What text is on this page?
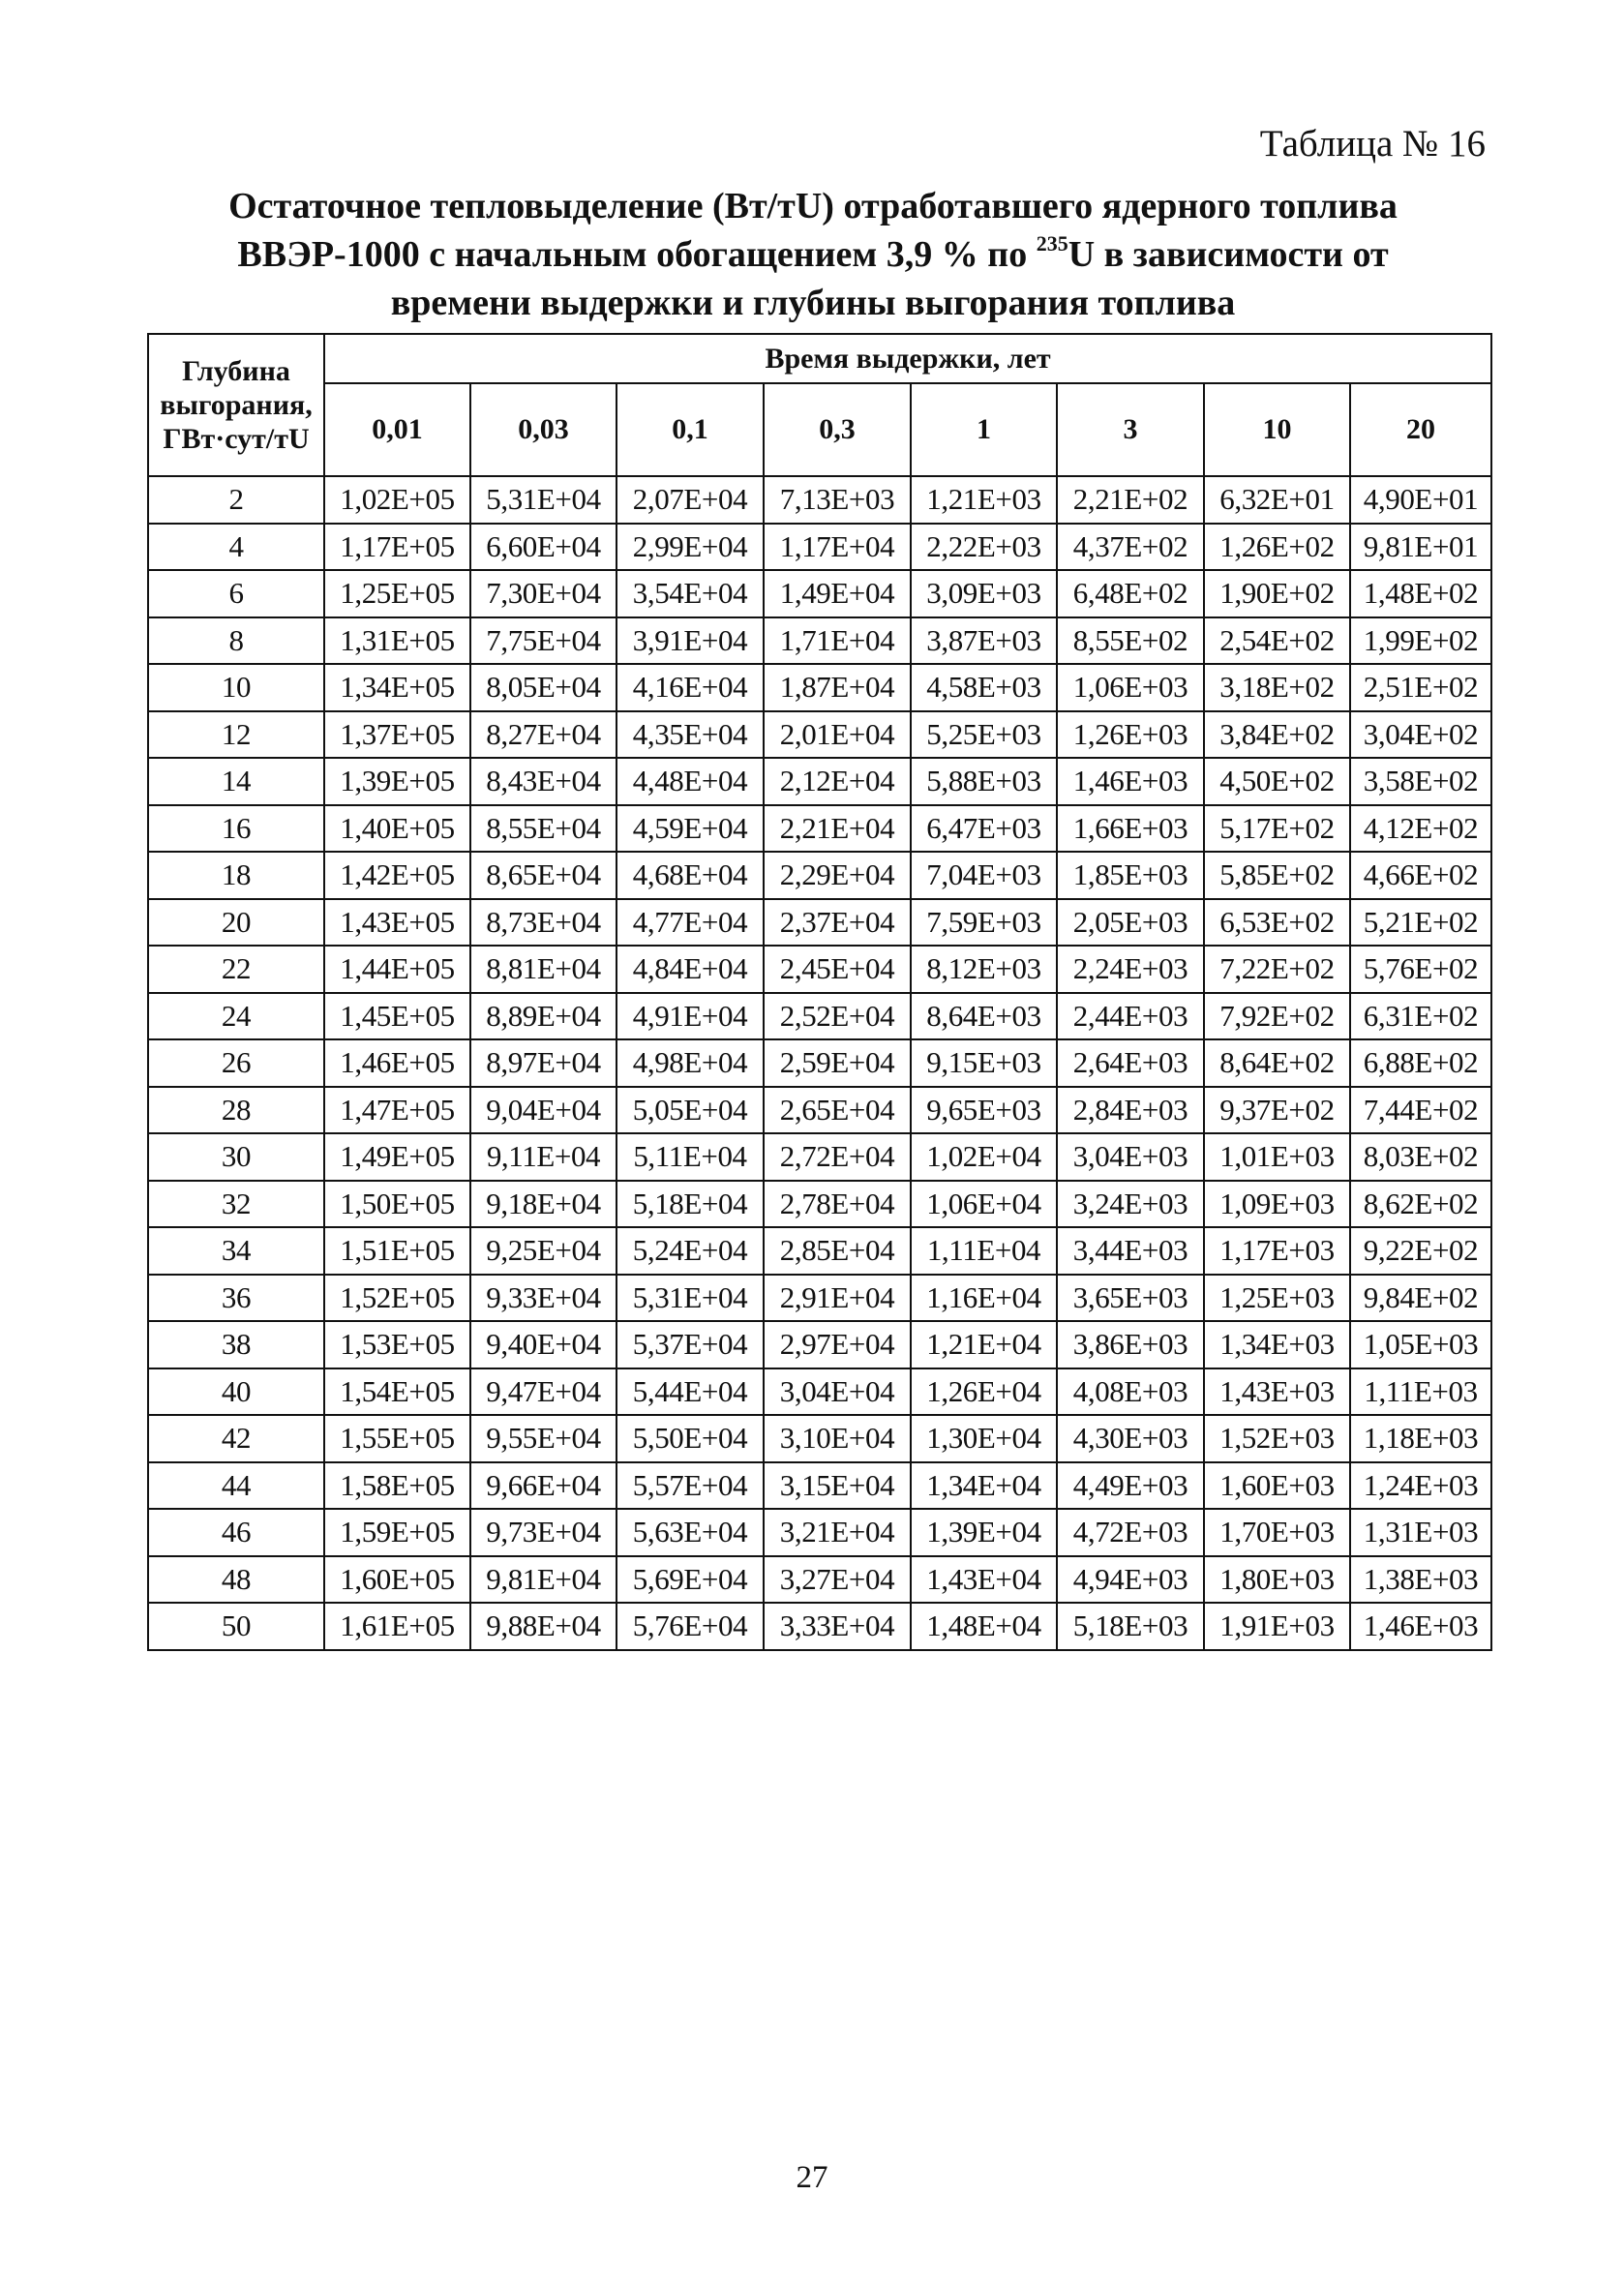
Таблица № 16
Остаточное тепловыделение (Вт/тU) отработавшего ядерного топлива
ВВЭР-1000 с начальным обогащением 3,9 % по $^{235}$U в зависимости от
времени выдержки и глубины выгорания топлива
Глубина
выгорания,
ГВт·сут/тU	Время выдержки, лет							
	0,01	0,03	0,1	0,3	1	3	10	20
2	1,02E+05	5,31E+04	2,07E+04	7,13E+03	1,21E+03	2,21E+02	6,32E+01	4,90E+01
4	1,17E+05	6,60E+04	2,99E+04	1,17E+04	2,22E+03	4,37E+02	1,26E+02	9,81E+01
6	1,25E+05	7,30E+04	3,54E+04	1,49E+04	3,09E+03	6,48E+02	1,90E+02	1,48E+02
8	1,31E+05	7,75E+04	3,91E+04	1,71E+04	3,87E+03	8,55E+02	2,54E+02	1,99E+02
10	1,34E+05	8,05E+04	4,16E+04	1,87E+04	4,58E+03	1,06E+03	3,18E+02	2,51E+02
12	1,37E+05	8,27E+04	4,35E+04	2,01E+04	5,25E+03	1,26E+03	3,84E+02	3,04E+02
14	1,39E+05	8,43E+04	4,48E+04	2,12E+04	5,88E+03	1,46E+03	4,50E+02	3,58E+02
16	1,40E+05	8,55E+04	4,59E+04	2,21E+04	6,47E+03	1,66E+03	5,17E+02	4,12E+02
18	1,42E+05	8,65E+04	4,68E+04	2,29E+04	7,04E+03	1,85E+03	5,85E+02	4,66E+02
20	1,43E+05	8,73E+04	4,77E+04	2,37E+04	7,59E+03	2,05E+03	6,53E+02	5,21E+02
22	1,44E+05	8,81E+04	4,84E+04	2,45E+04	8,12E+03	2,24E+03	7,22E+02	5,76E+02
24	1,45E+05	8,89E+04	4,91E+04	2,52E+04	8,64E+03	2,44E+03	7,92E+02	6,31E+02
26	1,46E+05	8,97E+04	4,98E+04	2,59E+04	9,15E+03	2,64E+03	8,64E+02	6,88E+02
28	1,47E+05	9,04E+04	5,05E+04	2,65E+04	9,65E+03	2,84E+03	9,37E+02	7,44E+02
30	1,49E+05	9,11E+04	5,11E+04	2,72E+04	1,02E+04	3,04E+03	1,01E+03	8,03E+02
32	1,50E+05	9,18E+04	5,18E+04	2,78E+04	1,06E+04	3,24E+03	1,09E+03	8,62E+02
34	1,51E+05	9,25E+04	5,24E+04	2,85E+04	1,11E+04	3,44E+03	1,17E+03	9,22E+02
36	1,52E+05	9,33E+04	5,31E+04	2,91E+04	1,16E+04	3,65E+03	1,25E+03	9,84E+02
38	1,53E+05	9,40E+04	5,37E+04	2,97E+04	1,21E+04	3,86E+03	1,34E+03	1,05E+03
40	1,54E+05	9,47E+04	5,44E+04	3,04E+04	1,26E+04	4,08E+03	1,43E+03	1,11E+03
42	1,55E+05	9,55E+04	5,50E+04	3,10E+04	1,30E+04	4,30E+03	1,52E+03	1,18E+03
44	1,58E+05	9,66E+04	5,57E+04	3,15E+04	1,34E+04	4,49E+03	1,60E+03	1,24E+03
46	1,59E+05	9,73E+04	5,63E+04	3,21E+04	1,39E+04	4,72E+03	1,70E+03	1,31E+03
48	1,60E+05	9,81E+04	5,69E+04	3,27E+04	1,43E+04	4,94E+03	1,80E+03	1,38E+03
50	1,61E+05	9,88E+04	5,76E+04	3,33E+04	1,48E+04	5,18E+03	1,91E+03	1,46E+03
27
